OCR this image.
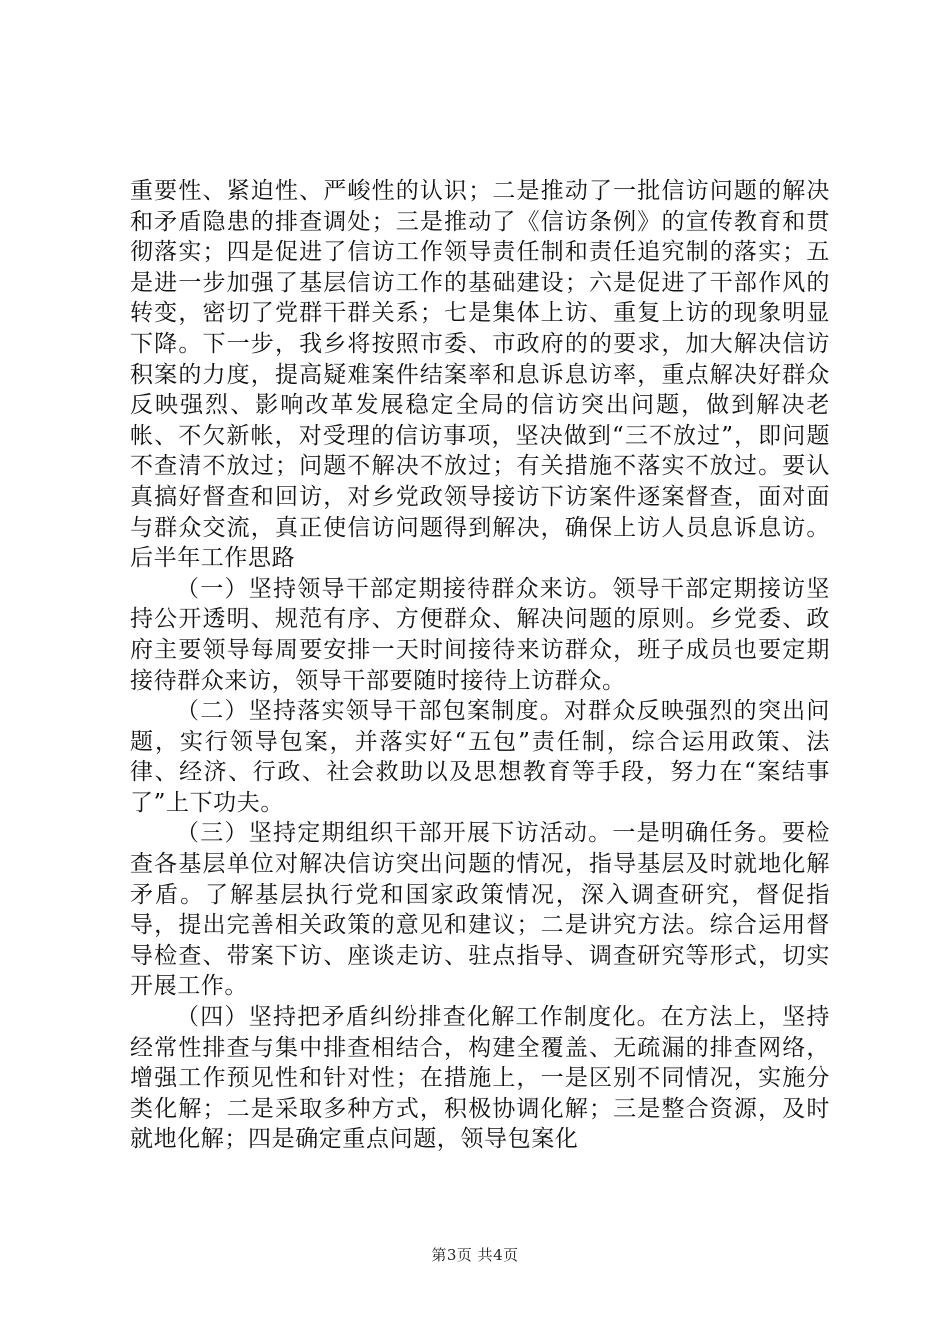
重要性、紧迫性、严峻性的认识；二是推动了一批信访问题的解决和矛盾隐患的排查调处；三是推动了《信访条例》的宣传教育和贯彻落实；四是促进了信访工作领导责任制和责任追究制的落实；五是进一步加强了基层信访工作的基础建设；六是促进了干部作风的转变，密切了党群干群关系；七是集体上访、重复上访的现象明显下降。下一步，我乡将按照市委、市政府的的要求，加大解决信访积案的力度，提高疑难案件结案率和息诉息访率，重点解决好群众反映强烈、影响改革发展稳定全局的信访突出问题，做到解决老帐、不欠新帐，对受理的信访事项，坚决做到“三不放过”，即问题不查清不放过；问题不解决不放过；有关措施不落实不放过。要认真搞好督查和回访，对乡党政领导接访下访案件逐案督查，面对面与群众交流，真正使信访问题得到解决，确保上访人员息诉息访。后半年工作思路

（一）坚持领导干部定期接待群众来访。领导干部定期接访坚持公开透明、规范有序、方便群众、解决问题的原则。乡党委、政府主要领导每周要安排一天时间接待来访群众，班子成员也要定期接待群众来访，领导干部要随时接待上访群众。

（二）坚持落实领导干部包案制度。对群众反映强烈的突出问题，实行领导包案，并落实好“五包”责任制，综合运用政策、法律、经济、行政、社会救助以及思想教育等手段，努力在“案结事了”上下功夫。

（三）坚持定期组织干部开展下访活动。一是明确任务。要检查各基层单位对解决信访突出问题的情况，指导基层及时就地化解矛盾。了解基层执行党和国家政策情况，深入调查研究，督促指导，提出完善相关政策的意见和建议；二是讲究方法。综合运用督导检查、带案下访、座谈走访、驻点指导、调查研究等形式，切实开展工作。

（四）坚持把矛盾纠纷排查化解工作制度化。在方法上，坚持经常性排查与集中排查相结合，构建全覆盖、无疏漏的排查网络，增强工作预见性和针对性；在措施上，一是区别不同情况，实施分类化解；二是采取多种方式，积极协调化解；三是整合资源，及时就地化解；四是确定重点问题，领导包案化

第3页 共4页
